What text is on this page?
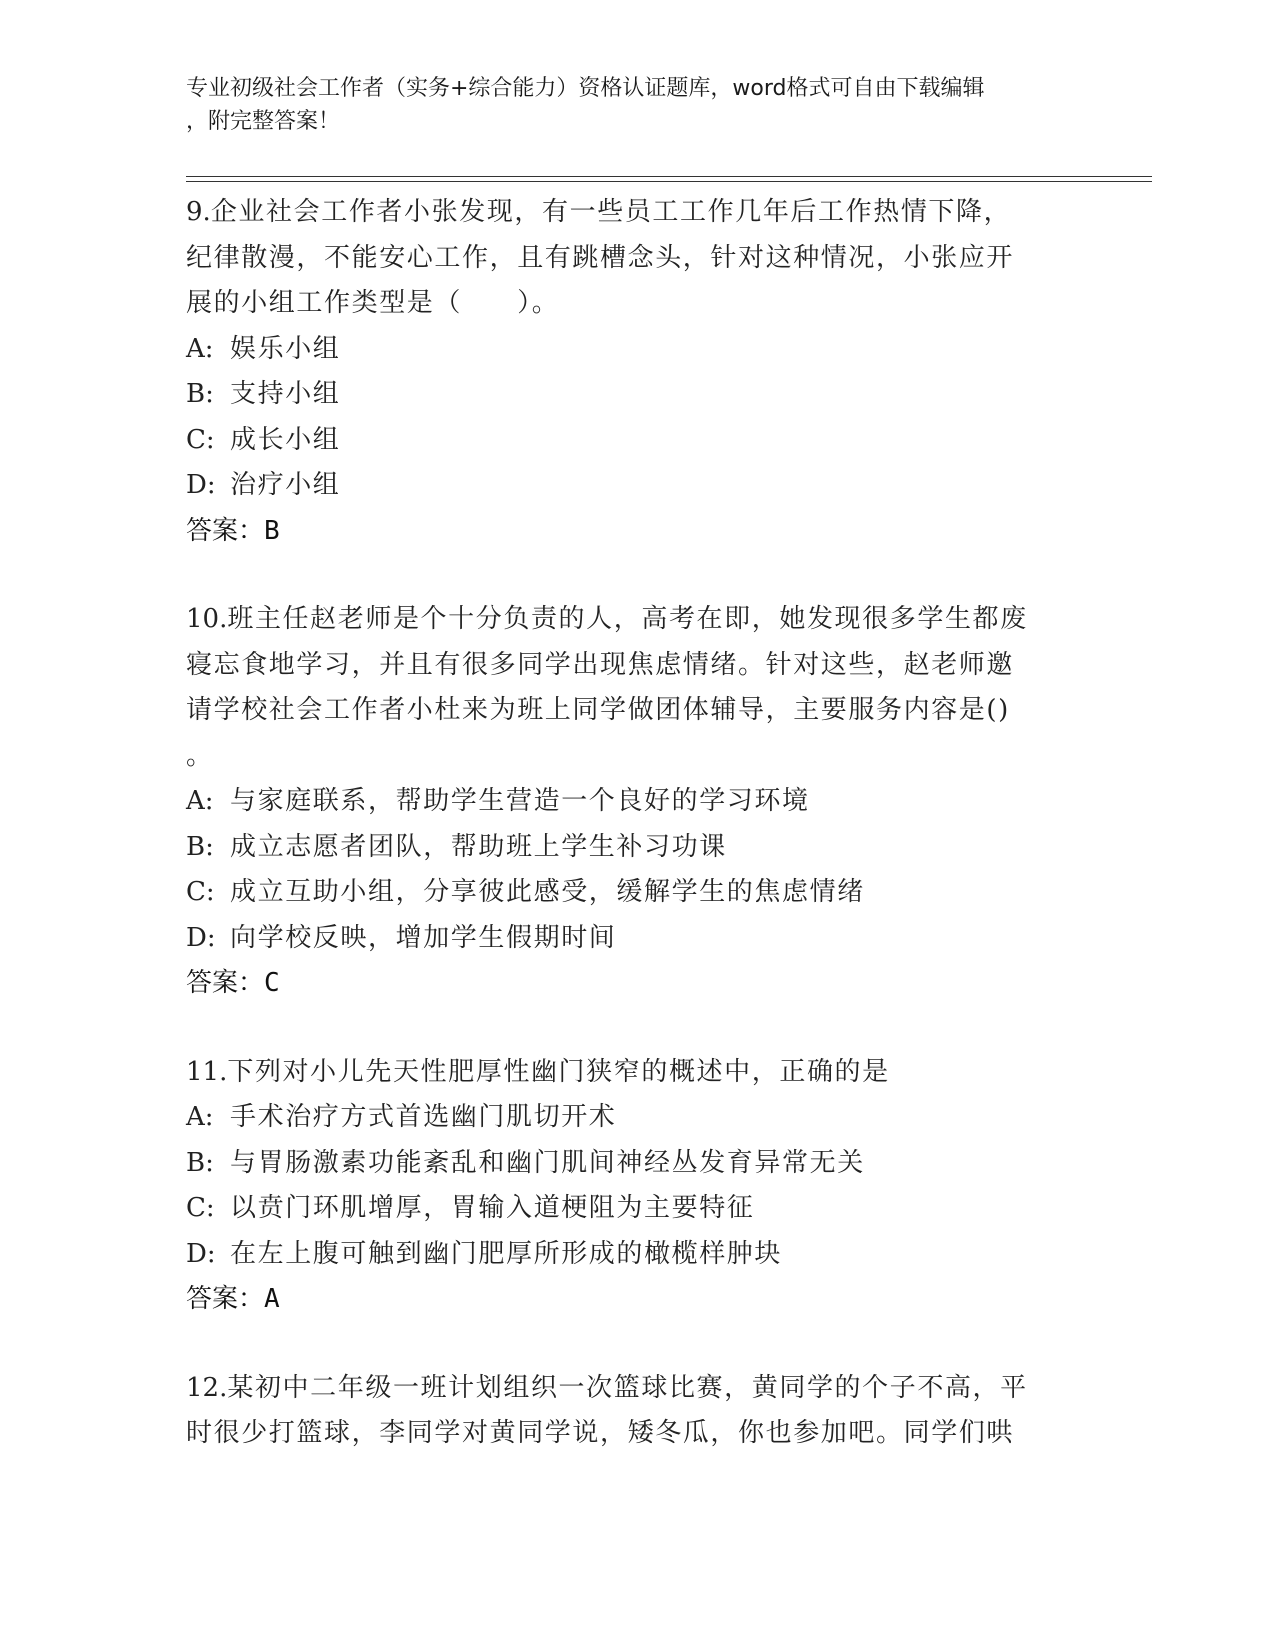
专业初级社会工作者（实务+综合能力）资格认证题库，word格式可自由下载编辑
，附完整答案！

9.企业社会工作者小张发现，有一些员工工作几年后工作热情下降，

纪律散漫，不能安心工作，且有跳槽念头，针对这种情况，小张应开

展的小组工作类型是（　　）。

A: 娱乐小组

B: 支持小组

C: 成长小组

D: 治疗小组

答案：B

10.班主任赵老师是个十分负责的人，高考在即，她发现很多学生都废

寝忘食地学习，并且有很多同学出现焦虑情绪。针对这些，赵老师邀

请学校社会工作者小杜来为班上同学做团体辅导，主要服务内容是()

。

A: 与家庭联系，帮助学生营造一个良好的学习环境

B: 成立志愿者团队，帮助班上学生补习功课

C: 成立互助小组，分享彼此感受，缓解学生的焦虑情绪

D: 向学校反映，增加学生假期时间

答案：C

11.下列对小儿先天性肥厚性幽门狭窄的概述中，正确的是

A: 手术治疗方式首选幽门肌切开术

B: 与胃肠激素功能紊乱和幽门肌间神经丛发育异常无关

C: 以贲门环肌增厚，胃输入道梗阻为主要特征

D: 在左上腹可触到幽门肥厚所形成的橄榄样肿块

答案：A

12.某初中二年级一班计划组织一次篮球比赛，黄同学的个子不高，平

时很少打篮球，李同学对黄同学说，矮冬瓜，你也参加吧。同学们哄
